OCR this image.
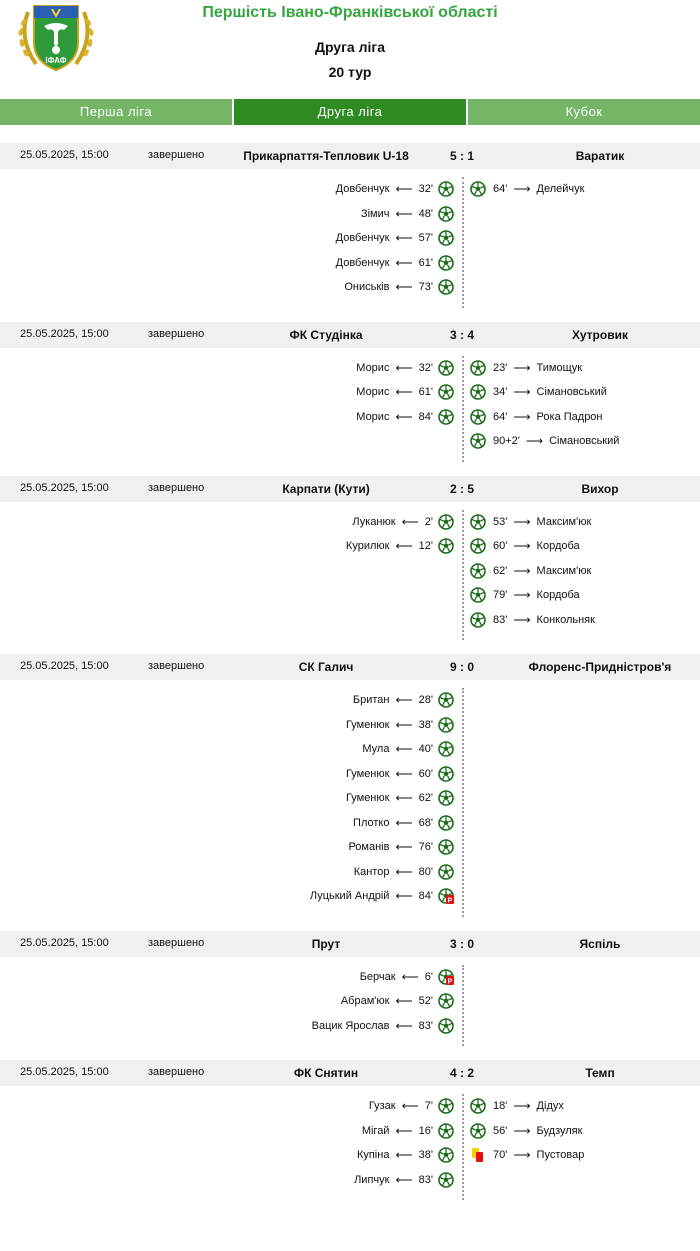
ІФАФ
Першість Івано-Франківської області
Друга ліга
20 тур
Перша ліга	Друга ліга	Кубок
25.05.2025, 15:00	завершено	Прикарпаття-Тепловик U-18	5 : 1	Варатик
Довбенчук ⟵ 32'
Зімич ⟵ 48'
Довбенчук ⟵ 57'
Довбенчук ⟵ 61'
Ониськів ⟵ 73'
64' ⟶ Делейчук
25.05.2025, 15:00	завершено	ФК Студінка	3 : 4	Хутровик
Морис ⟵ 32'
Морис ⟵ 61'
Морис ⟵ 84'
23' ⟶ Тимощук
34' ⟶ Сімановський
64' ⟶ Рока Падрон
90+2' ⟶ Сімановський
25.05.2025, 15:00	завершено	Карпати (Кути)	2 : 5	Вихор
Луканюк ⟵ 2'
Курилюк ⟵ 12'
53' ⟶ Максим'юк
60' ⟶ Кордоба
62' ⟶ Максим'юк
79' ⟶ Кордоба
83' ⟶ Конкольняк
25.05.2025, 15:00	завершено	СК Галич	9 : 0	Флоренс-Придністров'я
Британ ⟵ 28'
Гуменюк ⟵ 38'
Мула ⟵ 40'
Гуменюк ⟵ 60'
Гуменюк ⟵ 62'
Плотко ⟵ 68'
Романів ⟵ 76'
Кантор ⟵ 80'
Луцький Андрій ⟵ 84' P
25.05.2025, 15:00	завершено	Прут	3 : 0	Яспіль
Берчак ⟵ 6' P
Абрам'юк ⟵ 52'
Вацик Ярослав ⟵ 83'
25.05.2025, 15:00	завершено	ФК Снятин	4 : 2	Темп
Гузак ⟵ 7'
Мігай ⟵ 16'
Купіна ⟵ 38'
Липчук ⟵ 83'
18' ⟶ Дідух
56' ⟶ Будзуляк
70' ⟶ Пустовар
